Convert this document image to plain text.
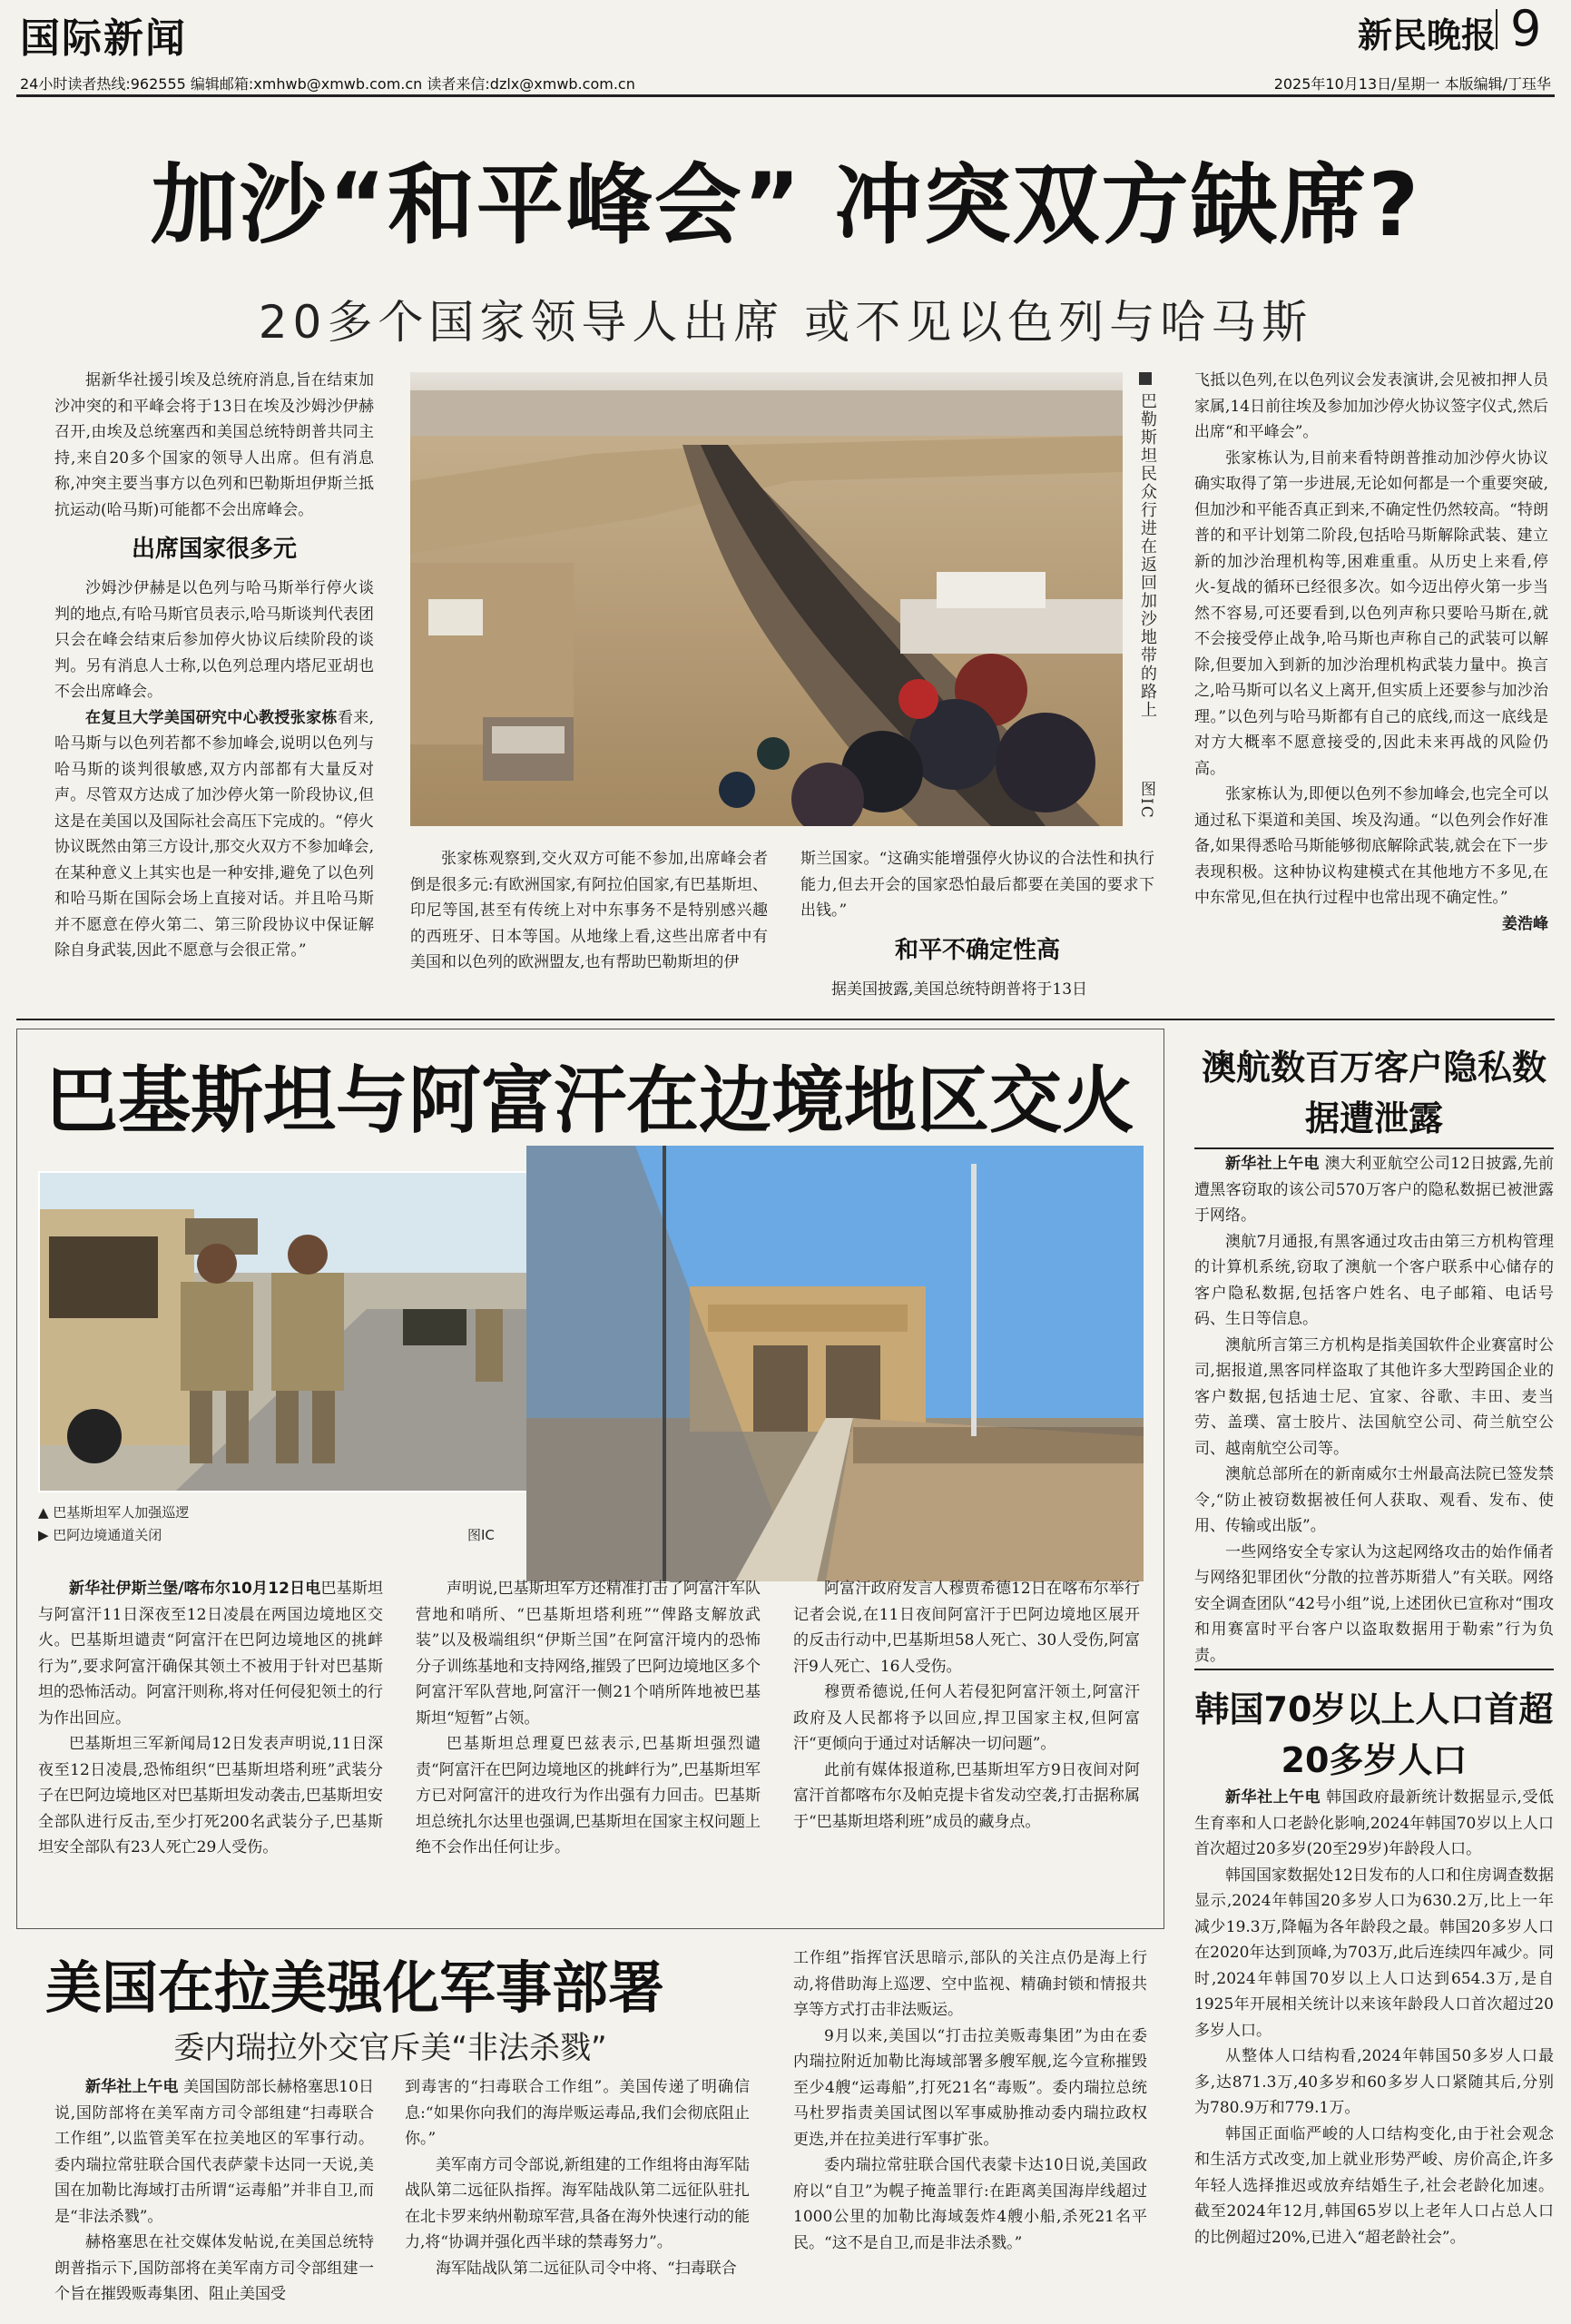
国际新闻	新民晚报 9
24小时读者热线:962555 编辑邮箱:xmhwb@xmwb.com.cn 读者来信:dzlx@xmwb.com.cn	2025年10月13日/星期一 本版编辑/丁珏华
加沙“和平峰会” 冲突双方缺席?
20多个国家领导人出席 或不见以色列与哈马斯

据新华社援引埃及总统府消息,旨在结束加沙冲突的和平峰会将于13日在埃及沙姆沙伊赫召开,由埃及总统塞西和美国总统特朗普共同主持,来自20多个国家的领导人出席。但有消息称,冲突主要当事方以色列和巴勒斯坦伊斯兰抵抗运动(哈马斯)可能都不会出席峰会。

出席国家很多元

沙姆沙伊赫是以色列与哈马斯举行停火谈判的地点,有哈马斯官员表示,哈马斯谈判代表团只会在峰会结束后参加停火协议后续阶段的谈判。另有消息人士称,以色列总理内塔尼亚胡也不会出席峰会。

在复旦大学美国研究中心教授张家栋看来,哈马斯与以色列若都不参加峰会,说明以色列与哈马斯的谈判很敏感,双方内部都有大量反对声。尽管双方达成了加沙停火第一阶段协议,但这是在美国以及国际社会高压下完成的。“停火协议既然由第三方设计,那交火双方不参加峰会,在某种意义上其实也是一种安排,避免了以色列和哈马斯在国际会场上直接对话。并且哈马斯并不愿意在停火第二、第三阶段协议中保证解除自身武装,因此不愿意与会很正常。”

巴勒斯坦民众行进在返回加沙地带的路上
图IC

张家栋观察到,交火双方可能不参加,出席峰会者倒是很多元:有欧洲国家,有阿拉伯国家,有巴基斯坦、印尼等国,甚至有传统上对中东事务不是特别感兴趣的西班牙、日本等国。从地缘上看,这些出席者中有美国和以色列的欧洲盟友,也有帮助巴勒斯坦的伊

斯兰国家。“这确实能增强停火协议的合法性和执行能力,但去开会的国家恐怕最后都要在美国的要求下出钱。”

和平不确定性高

据美国披露,美国总统特朗普将于13日

飞抵以色列,在以色列议会发表演讲,会见被扣押人员家属,14日前往埃及参加加沙停火协议签字仪式,然后出席“和平峰会”。

张家栋认为,目前来看特朗普推动加沙停火协议确实取得了第一步进展,无论如何都是一个重要突破,但加沙和平能否真正到来,不确定性仍然较高。“特朗普的和平计划第二阶段,包括哈马斯解除武装、建立新的加沙治理机构等,困难重重。从历史上来看,停火-复战的循环已经很多次。如今迈出停火第一步当然不容易,可还要看到,以色列声称只要哈马斯在,就不会接受停止战争,哈马斯也声称自己的武装可以解除,但要加入到新的加沙治理机构武装力量中。换言之,哈马斯可以名义上离开,但实质上还要参与加沙治理。”以色列与哈马斯都有自己的底线,而这一底线是对方大概率不愿意接受的,因此未来再战的风险仍高。

张家栋认为,即便以色列不参加峰会,也完全可以通过私下渠道和美国、埃及沟通。“以色列会作好准备,如果得悉哈马斯能够彻底解除武装,就会在下一步表现积极。这种协议构建模式在其他地方不多见,在中东常见,但在执行过程中也常出现不确定性。”

姜浩峰
巴基斯坦与阿富汗在边境地区交火
▲ 巴基斯坦军人加强巡逻
▶ 巴阿边境通道关闭	图IC

新华社伊斯兰堡/喀布尔10月12日电巴基斯坦与阿富汗11日深夜至12日凌晨在两国边境地区交火。巴基斯坦谴责“阿富汗在巴阿边境地区的挑衅行为”,要求阿富汗确保其领土不被用于针对巴基斯坦的恐怖活动。阿富汗则称,将对任何侵犯领土的行为作出回应。

巴基斯坦三军新闻局12日发表声明说,11日深夜至12日凌晨,恐怖组织“巴基斯坦塔利班”武装分子在巴阿边境地区对巴基斯坦发动袭击,巴基斯坦安全部队进行反击,至少打死200名武装分子,巴基斯坦安全部队有23人死亡29人受伤。

声明说,巴基斯坦军方还精准打击了阿富汗军队营地和哨所、“巴基斯坦塔利班”“俾路支解放武装”以及极端组织“伊斯兰国”在阿富汗境内的恐怖分子训练基地和支持网络,摧毁了巴阿边境地区多个阿富汗军队营地,阿富汗一侧21个哨所阵地被巴基斯坦“短暂”占领。

巴基斯坦总理夏巴兹表示,巴基斯坦强烈谴责“阿富汗在巴阿边境地区的挑衅行为”,巴基斯坦军方已对阿富汗的进攻行为作出强有力回击。巴基斯坦总统扎尔达里也强调,巴基斯坦在国家主权问题上绝不会作出任何让步。

阿富汗政府发言人穆贾希德12日在喀布尔举行记者会说,在11日夜间阿富汗于巴阿边境地区展开的反击行动中,巴基斯坦58人死亡、30人受伤,阿富汗9人死亡、16人受伤。

穆贾希德说,任何人若侵犯阿富汗领土,阿富汗政府及人民都将予以回应,捍卫国家主权,但阿富汗“更倾向于通过对话解决一切问题”。

此前有媒体报道称,巴基斯坦军方9日夜间对阿富汗首都喀布尔及帕克提卡省发动空袭,打击据称属于“巴基斯坦塔利班”成员的藏身点。

澳航数百万客户隐私数据遭泄露

新华社上午电 澳大利亚航空公司12日披露,先前遭黑客窃取的该公司570万客户的隐私数据已被泄露于网络。

澳航7月通报,有黑客通过攻击由第三方机构管理的计算机系统,窃取了澳航一个客户联系中心储存的客户隐私数据,包括客户姓名、电子邮箱、电话号码、生日等信息。

澳航所言第三方机构是指美国软件企业赛富时公司,据报道,黑客同样盗取了其他许多大型跨国企业的客户数据,包括迪士尼、宜家、谷歌、丰田、麦当劳、盖璞、富士胶片、法国航空公司、荷兰航空公司、越南航空公司等。

澳航总部所在的新南威尔士州最高法院已签发禁令,“防止被窃数据被任何人获取、观看、发布、使用、传输或出版”。

一些网络安全专家认为这起网络攻击的始作俑者与网络犯罪团伙“分散的拉普苏斯猎人”有关联。网络安全调查团队“42号小组”说,上述团伙已宣称对“围攻和用赛富时平台客户以盗取数据用于勒索”行为负责。

韩国70岁以上人口首超20多岁人口

新华社上午电 韩国政府最新统计数据显示,受低生育率和人口老龄化影响,2024年韩国70岁以上人口首次超过20多岁(20至29岁)年龄段人口。

韩国国家数据处12日发布的人口和住房调查数据显示,2024年韩国20多岁人口为630.2万,比上一年减少19.3万,降幅为各年龄段之最。韩国20多岁人口在2020年达到顶峰,为703万,此后连续四年减少。同时,2024年韩国70岁以上人口达到654.3万,是自1925年开展相关统计以来该年龄段人口首次超过20多岁人口。

从整体人口结构看,2024年韩国50多岁人口最多,达871.3万,40多岁和60多岁人口紧随其后,分别为780.9万和779.1万。

韩国正面临严峻的人口结构变化,由于社会观念和生活方式改变,加上就业形势严峻、房价高企,许多年轻人选择推迟或放弃结婚生子,社会老龄化加速。截至2024年12月,韩国65岁以上老年人口占总人口的比例超过20%,已进入“超老龄社会”。

美国在拉美强化军事部署
委内瑞拉外交官斥美“非法杀戮”

新华社上午电 美国国防部长赫格塞思10日说,国防部将在美军南方司令部组建“扫毒联合工作组”,以监管美军在拉美地区的军事行动。委内瑞拉常驻联合国代表萨蒙卡达同一天说,美国在加勒比海域打击所谓“运毒船”并非自卫,而是“非法杀戮”。

赫格塞思在社交媒体发帖说,在美国总统特朗普指示下,国防部将在美军南方司令部组建一个旨在摧毁贩毒集团、阻止美国受

到毒害的“扫毒联合工作组”。美国传递了明确信息:“如果你向我们的海岸贩运毒品,我们会彻底阻止你。”

美军南方司令部说,新组建的工作组将由海军陆战队第二远征队指挥。海军陆战队第二远征队驻扎在北卡罗来纳州勒琼军营,具备在海外快速行动的能力,将“协调并强化西半球的禁毒努力”。

海军陆战队第二远征队司令中将、“扫毒联合

工作组”指挥官沃思暗示,部队的关注点仍是海上行动,将借助海上巡逻、空中监视、精确封锁和情报共享等方式打击非法贩运。

9月以来,美国以“打击拉美贩毒集团”为由在委内瑞拉附近加勒比海域部署多艘军舰,迄今宣称摧毁至少4艘“运毒船”,打死21名“毒贩”。委内瑞拉总统马杜罗指责美国试图以军事威胁推动委内瑞拉政权更迭,并在拉美进行军事扩张。

委内瑞拉常驻联合国代表蒙卡达10日说,美国政府以“自卫”为幌子掩盖罪行:在距离美国海岸线超过1000公里的加勒比海域轰炸4艘小船,杀死21名平民。“这不是自卫,而是非法杀戮。”
